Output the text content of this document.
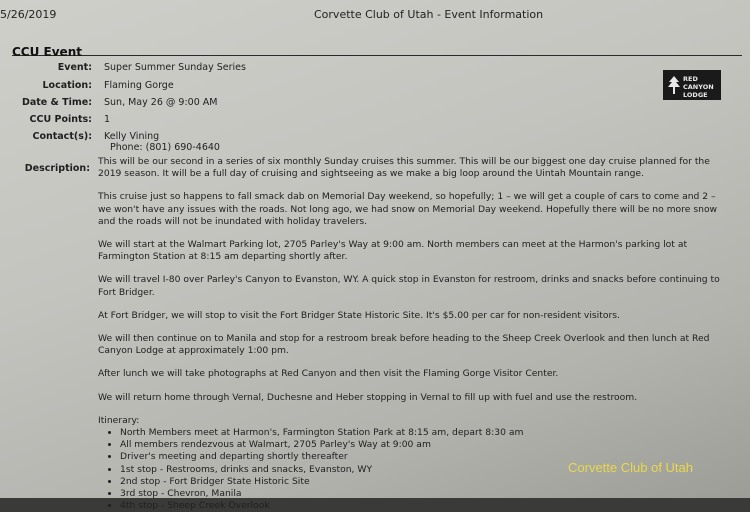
5/26/2019	Corvette Club of Utah - Event Information
CCU Event
Event: Super Summer Sunday Series
Location: Flaming Gorge
Date & Time: Sun, May 26 @ 9:00 AM
CCU Points: 1
Contact(s): Kelly Vining
Phone: (801) 690-4640
Description:
RED
CANYON
LODGE

This will be our second in a series of six monthly Sunday cruises this summer. This will be our biggest one day cruise planned for the 2019 season. It will be a full day of cruising and sightseeing as we make a big loop around the Uintah Mountain range.

This cruise just so happens to fall smack dab on Memorial Day weekend, so hopefully; 1 – we will get a couple of cars to come and 2 – we won't have any issues with the roads. Not long ago, we had snow on Memorial Day weekend. Hopefully there will be no more snow and the roads will not be inundated with holiday travelers.

We will start at the Walmart Parking lot, 2705 Parley's Way at 9:00 am. North members can meet at the Harmon's parking lot at Farmington Station at 8:15 am departing shortly after.

We will travel I-80 over Parley's Canyon to Evanston, WY. A quick stop in Evanston for restroom, drinks and snacks before continuing to Fort Bridger.

At Fort Bridger, we will stop to visit the Fort Bridger State Historic Site. It's $5.00 per car for non-resident visitors.

We will then continue on to Manila and stop for a restroom break before heading to the Sheep Creek Overlook and then lunch at Red Canyon Lodge at approximately 1:00 pm.

After lunch we will take photographs at Red Canyon and then visit the Flaming Gorge Visitor Center.

We will return home through Vernal, Duchesne and Heber stopping in Vernal to fill up with fuel and use the restroom.

Itinerary:
• North Members meet at Harmon's, Farmington Station Park at 8:15 am, depart 8:30 am
• All members rendezvous at Walmart, 2705 Parley's Way at 9:00 am
• Driver's meeting and departing shortly thereafter
• 1st stop - Restrooms, drinks and snacks, Evanston, WY
• 2nd stop - Fort Bridger State Historic Site
• 3rd stop - Chevron, Manila
• 4th stop - Sheep Creek Overlook
Corvette Club of Utah
